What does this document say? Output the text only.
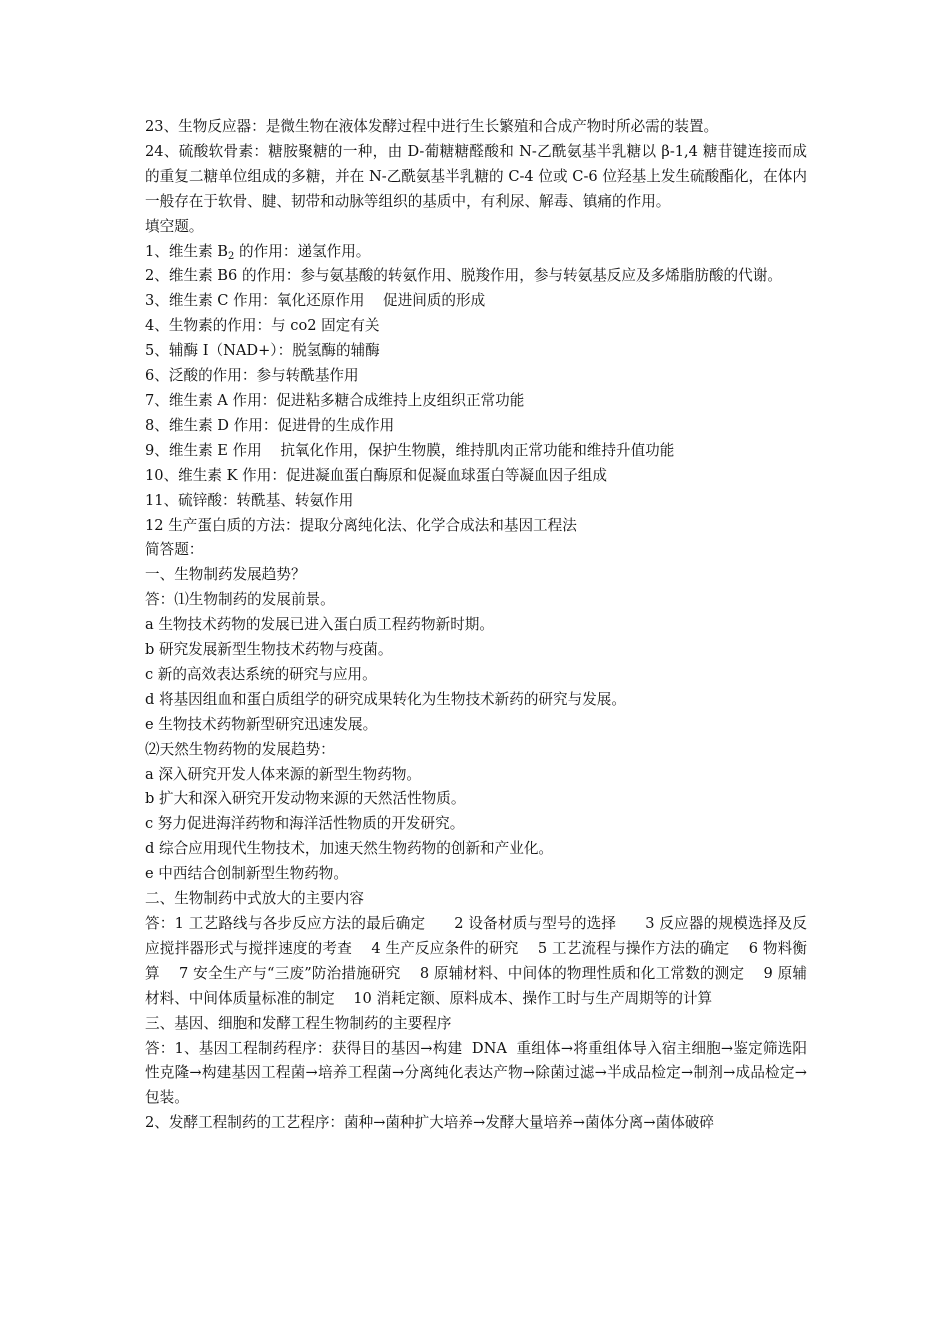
23、生物反应器：是微生物在液体发酵过程中进行生长繁殖和合成产物时所必需的装置。
24、硫酸软骨素：糖胺聚糖的一种，由 D-葡糖糖醛酸和 N-乙酰氨基半乳糖以 β-1,4 糖苷键连接而成的重复二糖单位组成的多糖，并在 N-乙酰氨基半乳糖的 C-4 位或 C-6 位羟基上发生硫酸酯化，在体内一般存在于软骨、腱、韧带和动脉等组织的基质中，有利尿、解毒、镇痛的作用。
填空题。
1、维生素 $B_2$ 的作用：递氢作用。
2、维生素 B6 的作用：参与氨基酸的转氨作用、脱羧作用，参与转氨基反应及多烯脂肪酸的代谢。
3、维生素 C 作用：氧化还原作用    促进间质的形成
4、生物素的作用：与 co2 固定有关
5、辅酶 I（NAD+）：脱氢酶的辅酶
6、泛酸的作用：参与转酰基作用
7、维生素 A 作用：促进粘多糖合成维持上皮组织正常功能
8、维生素 D 作用：促进骨的生成作用
9、维生素 E 作用    抗氧化作用，保护生物膜，维持肌肉正常功能和维持升值功能
10、维生素 K 作用：促进凝血蛋白酶原和促凝血球蛋白等凝血因子组成
11、硫锌酸：转酰基、转氨作用
12 生产蛋白质的方法：提取分离纯化法、化学合成法和基因工程法
简答题：
一、生物制药发展趋势？
答：⑴生物制药的发展前景。
a 生物技术药物的发展已进入蛋白质工程药物新时期。
b 研究发展新型生物技术药物与疫菌。
c 新的高效表达系统的研究与应用。
d 将基因组血和蛋白质组学的研究成果转化为生物技术新药的研究与发展。
e 生物技术药物新型研究迅速发展。
⑵天然生物药物的发展趋势：
a 深入研究开发人体来源的新型生物药物。
b 扩大和深入研究开发动物来源的天然活性物质。
c 努力促进海洋药物和海洋活性物质的开发研究。
d 综合应用现代生物技术，加速天然生物药物的创新和产业化。
e 中西结合创制新型生物药物。
二、生物制药中式放大的主要内容
答：1 工艺路线与各步反应方法的最后确定      2 设备材质与型号的选择      3 反应器的规模选择及反应搅拌器形式与搅拌速度的考查    4 生产反应条件的研究    5 工艺流程与操作方法的确定    6 物料衡算    7 安全生产与“三废”防治措施研究    8 原辅材料、中间体的物理性质和化工常数的测定    9 原辅材料、中间体质量标准的制定    10 消耗定额、原料成本、操作工时与生产周期等的计算
三、基因、细胞和发酵工程生物制药的主要程序
答：1、基因工程制药程序：获得目的基因→构建  DNA  重组体→将重组体导入宿主细胞→鉴定筛选阳性克隆→构建基因工程菌→培养工程菌→分离纯化表达产物→除菌过滤→半成品检定→制剂→成品检定→包装。
2、发酵工程制药的工艺程序：菌种→菌种扩大培养→发酵大量培养→菌体分离→菌体破碎
